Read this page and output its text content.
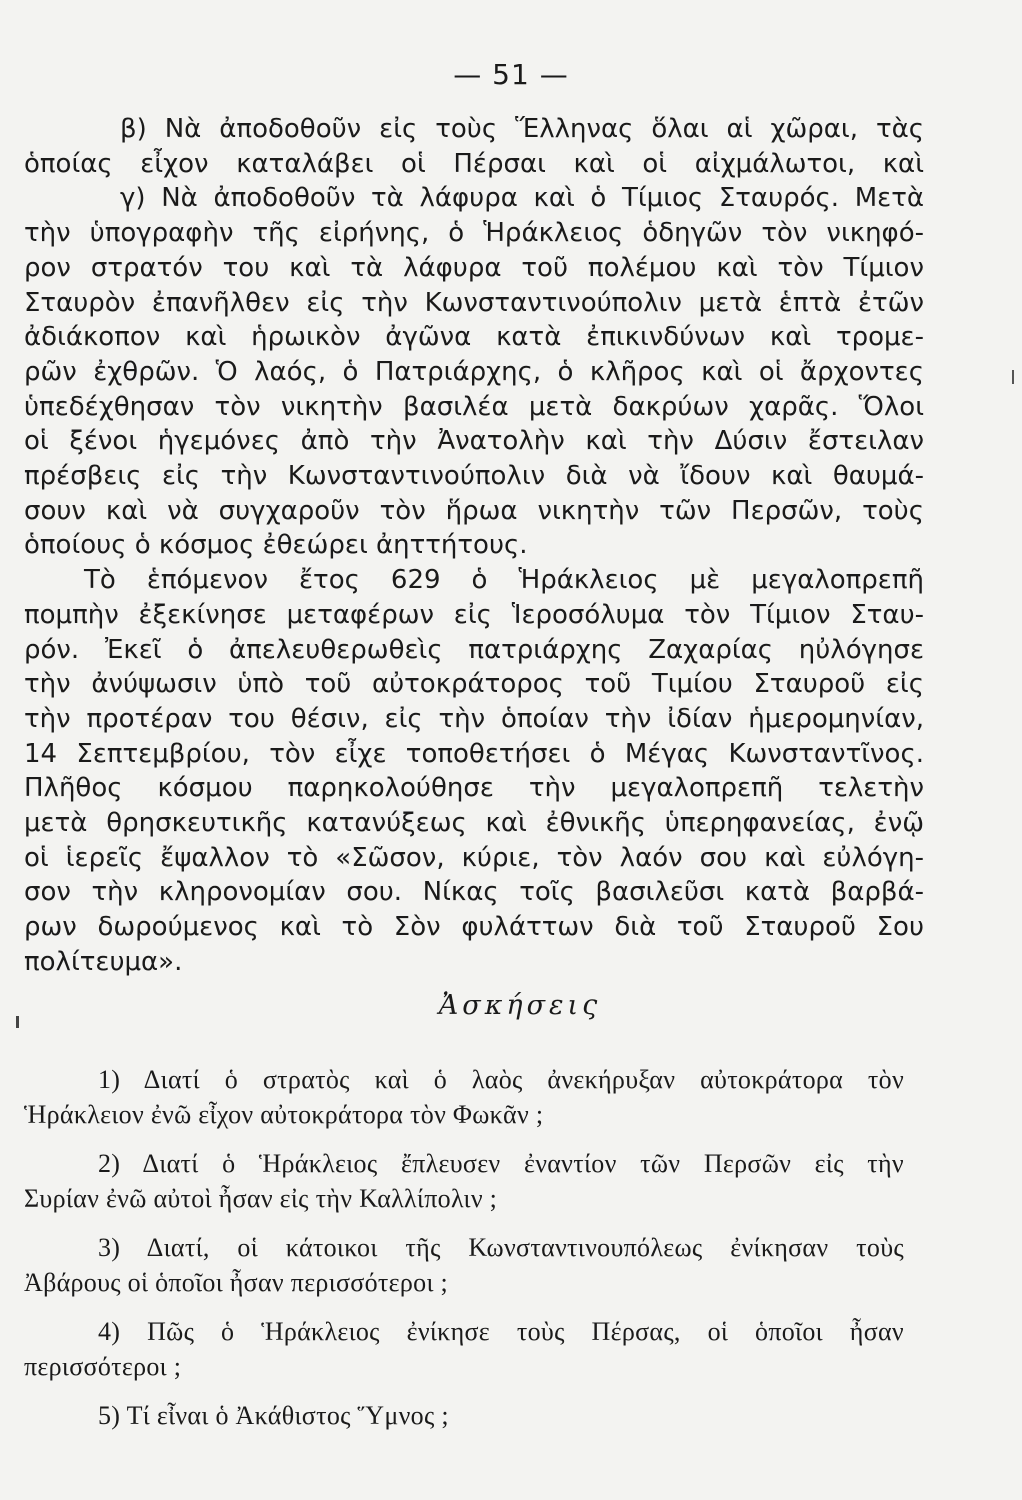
— 51 —
β) Νὰ ἀποδοθοῦν εἰς τοὺς Ἕλληνας ὅλαι αἱ χῶραι, τὰς
ὁποίας εἶχον καταλάβει οἱ Πέρσαι καὶ οἱ αἰχμάλωτοι, καὶ
γ) Νὰ ἀποδοθοῦν τὰ λάφυρα καὶ ὁ Τίμιος Σταυρός. Μετὰ
τὴν ὑπογραφὴν τῆς εἰρήνης, ὁ Ἡράκλειος ὁδηγῶν τὸν νικηφό-
ρον στρατόν του καὶ τὰ λάφυρα τοῦ πολέμου καὶ τὸν Τίμιον
Σταυρὸν ἐπανῆλθεν εἰς τὴν Κωνσταντινούπολιν μετὰ ἑπτὰ ἐτῶν
ἀδιάκοπον καὶ ἡρωικὸν ἀγῶνα κατὰ ἐπικινδύνων καὶ τρομε-
ρῶν ἐχθρῶν. Ὁ λαός, ὁ Πατριάρχης, ὁ κλῆρος καὶ οἱ ἄρχοντες
ὑπεδέχθησαν τὸν νικητὴν βασιλέα μετὰ δακρύων χαρᾶς. Ὅλοι
οἱ ξένοι ἡγεμόνες ἀπὸ τὴν Ἀνατολὴν καὶ τὴν Δύσιν ἔστειλαν
πρέσβεις εἰς τὴν Κωνσταντινούπολιν διὰ νὰ ἴδουν καὶ θαυμά-
σουν καὶ νὰ συγχαροῦν τὸν ἥρωα νικητὴν τῶν Περσῶν, τοὺς
ὁποίους ὁ κόσμος ἐθεώρει ἀηττήτους.
Τὸ ἑπόμενον ἔτος 629 ὁ Ἡράκλειος μὲ μεγαλοπρεπῆ
πομπὴν ἐξεκίνησε μεταφέρων εἰς Ἱεροσόλυμα τὸν Τίμιον Σταυ-
ρόν. Ἐκεῖ ὁ ἀπελευθερωθεὶς πατριάρχης Ζαχαρίας ηὐλόγησε
τὴν ἀνύψωσιν ὑπὸ τοῦ αὐτοκράτορος τοῦ Τιμίου Σταυροῦ εἰς
τὴν προτέραν του θέσιν, εἰς τὴν ὁποίαν τὴν ἰδίαν ἡμερομηνίαν,
14 Σεπτεμβρίου, τὸν εἶχε τοποθετήσει ὁ Μέγας Κωνσταντῖνος.
Πλῆθος κόσμου παρηκολούθησε τὴν μεγαλοπρεπῆ τελετὴν
μετὰ θρησκευτικῆς κατανύξεως καὶ ἐθνικῆς ὑπερηφανείας, ἐνῷ
οἱ ἱερεῖς ἔψαλλον τὸ «Σῶσον, κύριε, τὸν λαόν σου καὶ εὐλόγη-
σον τὴν κληρονομίαν σου. Νίκας τοῖς βασιλεῦσι κατὰ βαρβά-
ρων δωρούμενος καὶ τὸ Σὸν φυλάττων διὰ τοῦ Σταυροῦ Σου
πολίτευμα».
Ἀσκήσεις
1) Διατί ὁ στρατὸς καὶ ὁ λαὸς ἀνεκήρυξαν αὐτοκράτορα τὸν
Ἡράκλειον ἐνῶ εἶχον αὐτοκράτορα τὸν Φωκᾶν ;
2) Διατί ὁ Ἡράκλειος ἔπλευσεν ἐναντίον τῶν Περσῶν εἰς τὴν
Συρίαν ἐνῶ αὐτοὶ ἦσαν εἰς τὴν Καλλίπολιν ;
3) Διατί, οἱ κάτοικοι τῆς Κωνσταντινουπόλεως ἐνίκησαν τοὺς
Ἀβάρους οἱ ὁποῖοι ἦσαν περισσότεροι ;
4) Πῶς ὁ Ἡράκλειος ἐνίκησε τοὺς Πέρσας, οἱ ὁποῖοι ἦσαν
περισσότεροι ;
5) Τί εἶναι ὁ Ἀκάθιστος Ὕμνος ;
